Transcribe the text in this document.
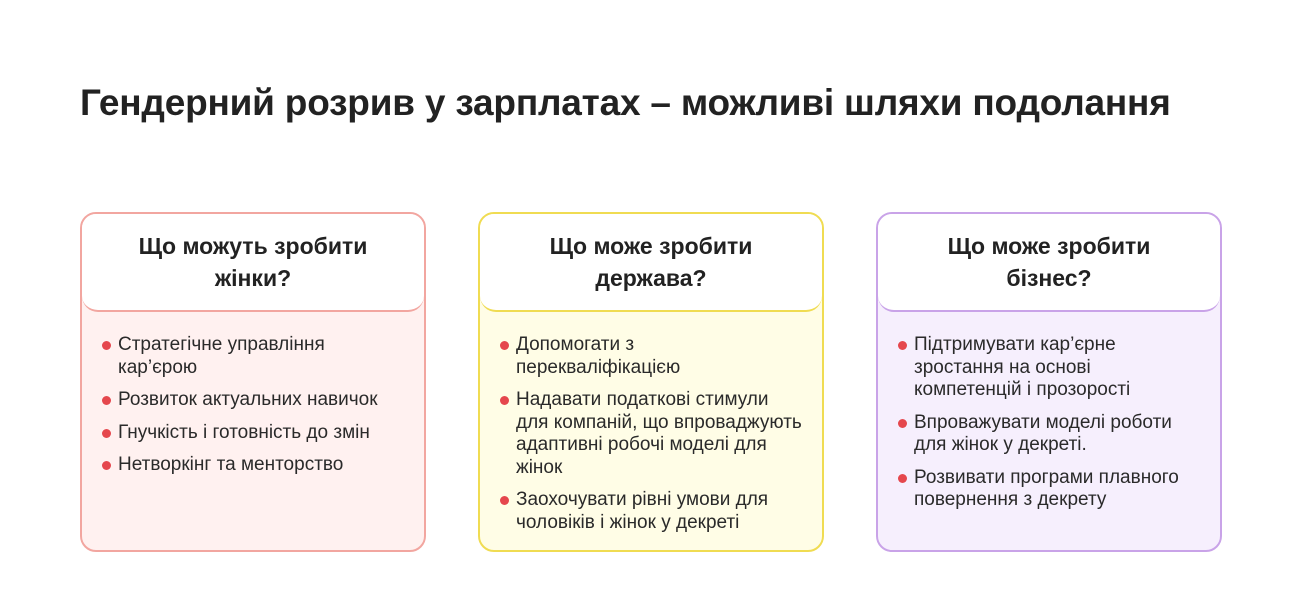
Гендерний розрив у зарплатах – можливі шляхи подолання
Що можуть зробити жінки?
Стратегічне управління кар’єрою
Розвиток актуальних навичок
Гнучкість і готовність до змін
Нетворкінг та менторство
Що може зробити держава?
Допомогати з перекваліфікацією
Надавати податкові стимули для компаній, що впроваджують адаптивні робочі моделі для жінок
Заохочувати рівні умови для чоловіків і жінок у декреті
Що може зробити бізнес?
Підтримувати кар’єрне зростання на основі компетенцій і прозорості
Впроважувати моделі роботи для жінок у декреті.
Розвивати програми плавного повернення з декрету
